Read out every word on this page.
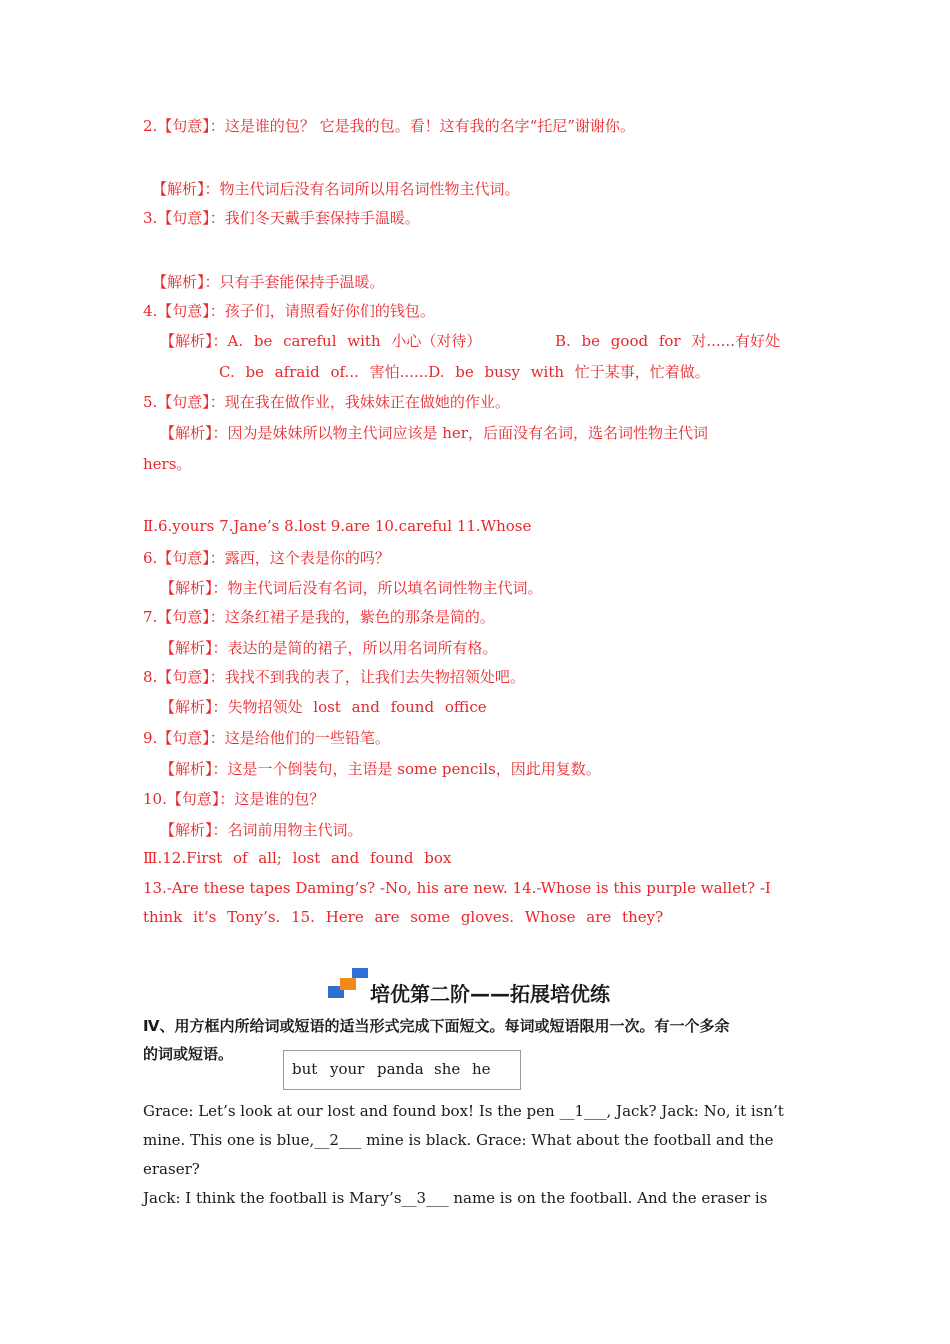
2.【句意】：这是谁的包？ 它是我的包。看！这有我的名字“托尼”谢谢你。
【解析】：物主代词后没有名词所以用名词性物主代词。
3.【句意】：我们冬天戴手套保持手温暖。
【解析】：只有手套能保持手温暖。
4.【句意】：孩子们，请照看好你们的钱包。
【解析】：A. be careful with 小心（对待）	B. be good for 对......有好处
C. be afraid of... 害怕......D. be busy with 忙于某事，忙着做。
5.【句意】：现在我在做作业，我妹妹正在做她的作业。
【解析】：因为是妹妹所以物主代词应该是 her，后面没有名词，选名词性物主代词
hers。
Ⅱ.6.yours 7.Jane’s 8.lost 9.are 10.careful 11.Whose
6.【句意】：露西，这个表是你的吗？
【解析】：物主代词后没有名词，所以填名词性物主代词。
7.【句意】：这条红裙子是我的，紫色的那条是简的。
【解析】：表达的是简的裙子，所以用名词所有格。
8.【句意】：我找不到我的表了，让我们去失物招领处吧。
【解析】：失物招领处 lost and found office
9.【句意】：这是给他们的一些铅笔。
【解析】：这是一个倒装句，主语是 some pencils，因此用复数。
10.【句意】：这是谁的包？
【解析】：名词前用物主代词。
Ⅲ.12.First of all; lost and found box
13.-Are these tapes Daming’s? -No, his are new. 14.-Whose is this purple wallet? -I
think it’s Tony’s. 15. Here are some gloves. Whose are they?
培优第二阶——拓展培优练
Ⅳ、用方框内所给词或短语的适当形式完成下面短文。每词或短语限用一次。有一个多余
的词或短语。
but your panda she he
Grace: Let’s look at our lost and found box! Is the pen __1___, Jack? Jack: No, it isn’t
mine. This one is blue,__2___ mine is black. Grace: What about the football and the
eraser?
Jack: I think the football is Mary’s__3___ name is on the football. And the eraser is
